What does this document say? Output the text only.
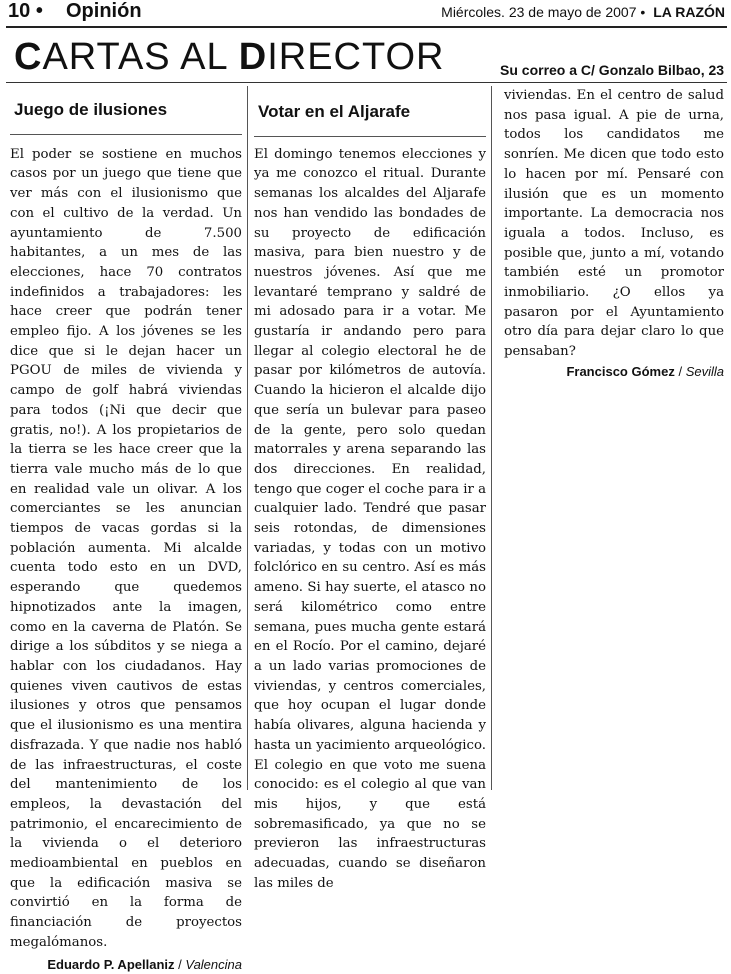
10 • Opinión	Miércoles. 23 de mayo de 2007 • LA RAZÓN
CARTAS AL DIRECTOR	Su correo a C/ Gonzalo Bilbao, 23
Juego de ilusiones

El poder se sostiene en muchos casos por un juego que tiene que ver más con el ilusionismo que con el cultivo de la verdad. Un ayuntamiento de 7.500 habitantes, a un mes de las elecciones, hace 70 contratos indefinidos a trabajadores: les hace creer que podrán tener empleo fijo. A los jóvenes se les dice que si le dejan hacer un PGOU de miles de vivienda y campo de golf habrá viviendas para todos (¡Ni que decir que gratis, no!). A los propietarios de la tierra se les hace creer que la tierra vale mucho más de lo que en realidad vale un olivar. A los comerciantes se les anuncian tiempos de vacas gordas si la población aumenta. Mi alcalde cuenta todo esto en un DVD, esperando que quedemos hipnotizados ante la imagen, como en la caverna de Platón. Se dirige a los súbditos y se niega a hablar con los ciudadanos. Hay quienes viven cautivos de estas ilusiones y otros que pensamos que el ilusionismo es una mentira disfrazada. Y que nadie nos habló de las infraestructuras, el coste del mantenimiento de los empleos, la devastación del patrimonio, el encarecimiento de la vivienda o el deterioro medioambiental en pueblos en que la edificación masiva se convirtió en la forma de financiación de proyectos megalómanos.

Eduardo P. Apellaniz / Valencina
Votar en el Aljarafe

El domingo tenemos elecciones y ya me conozco el ritual. Durante semanas los alcaldes del Aljarafe nos han vendido las bondades de su proyecto de edificación masiva, para bien nuestro y de nuestros jóvenes. Así que me levantaré temprano y saldré de mi adosado para ir a votar. Me gustaría ir andando pero para llegar al colegio electoral he de pasar por kilómetros de autovía. Cuando la hicieron el alcalde dijo que sería un bulevar para paseo de la gente, pero solo quedan matorrales y arena separando las dos direcciones. En realidad, tengo que coger el coche para ir a cualquier lado. Tendré que pasar seis rotondas, de dimensiones variadas, y todas con un motivo folclórico en su centro. Así es más ameno. Si hay suerte, el atasco no será kilométrico como entre semana, pues mucha gente estará en el Rocío. Por el camino, dejaré a un lado varias promociones de viviendas, y centros comerciales, que hoy ocupan el lugar donde había olivares, alguna hacienda y hasta un yacimiento arqueológico. El colegio en que voto me suena conocido: es el colegio al que van mis hijos, y que está sobremasificado, ya que no se previeron las infraestructuras adecuadas, cuando se diseñaron las miles de

viviendas. En el centro de salud nos pasa igual. A pie de urna, todos los candidatos me sonríen. Me dicen que todo esto lo hacen por mí. Pensaré con ilusión que es un momento importante. La democracia nos iguala a todos. Incluso, es posible que, junto a mí, votando también esté un promotor inmobiliario. ¿O ellos ya pasaron por el Ayuntamiento otro día para dejar claro lo que pensaban?

Francisco Gómez / Sevilla
